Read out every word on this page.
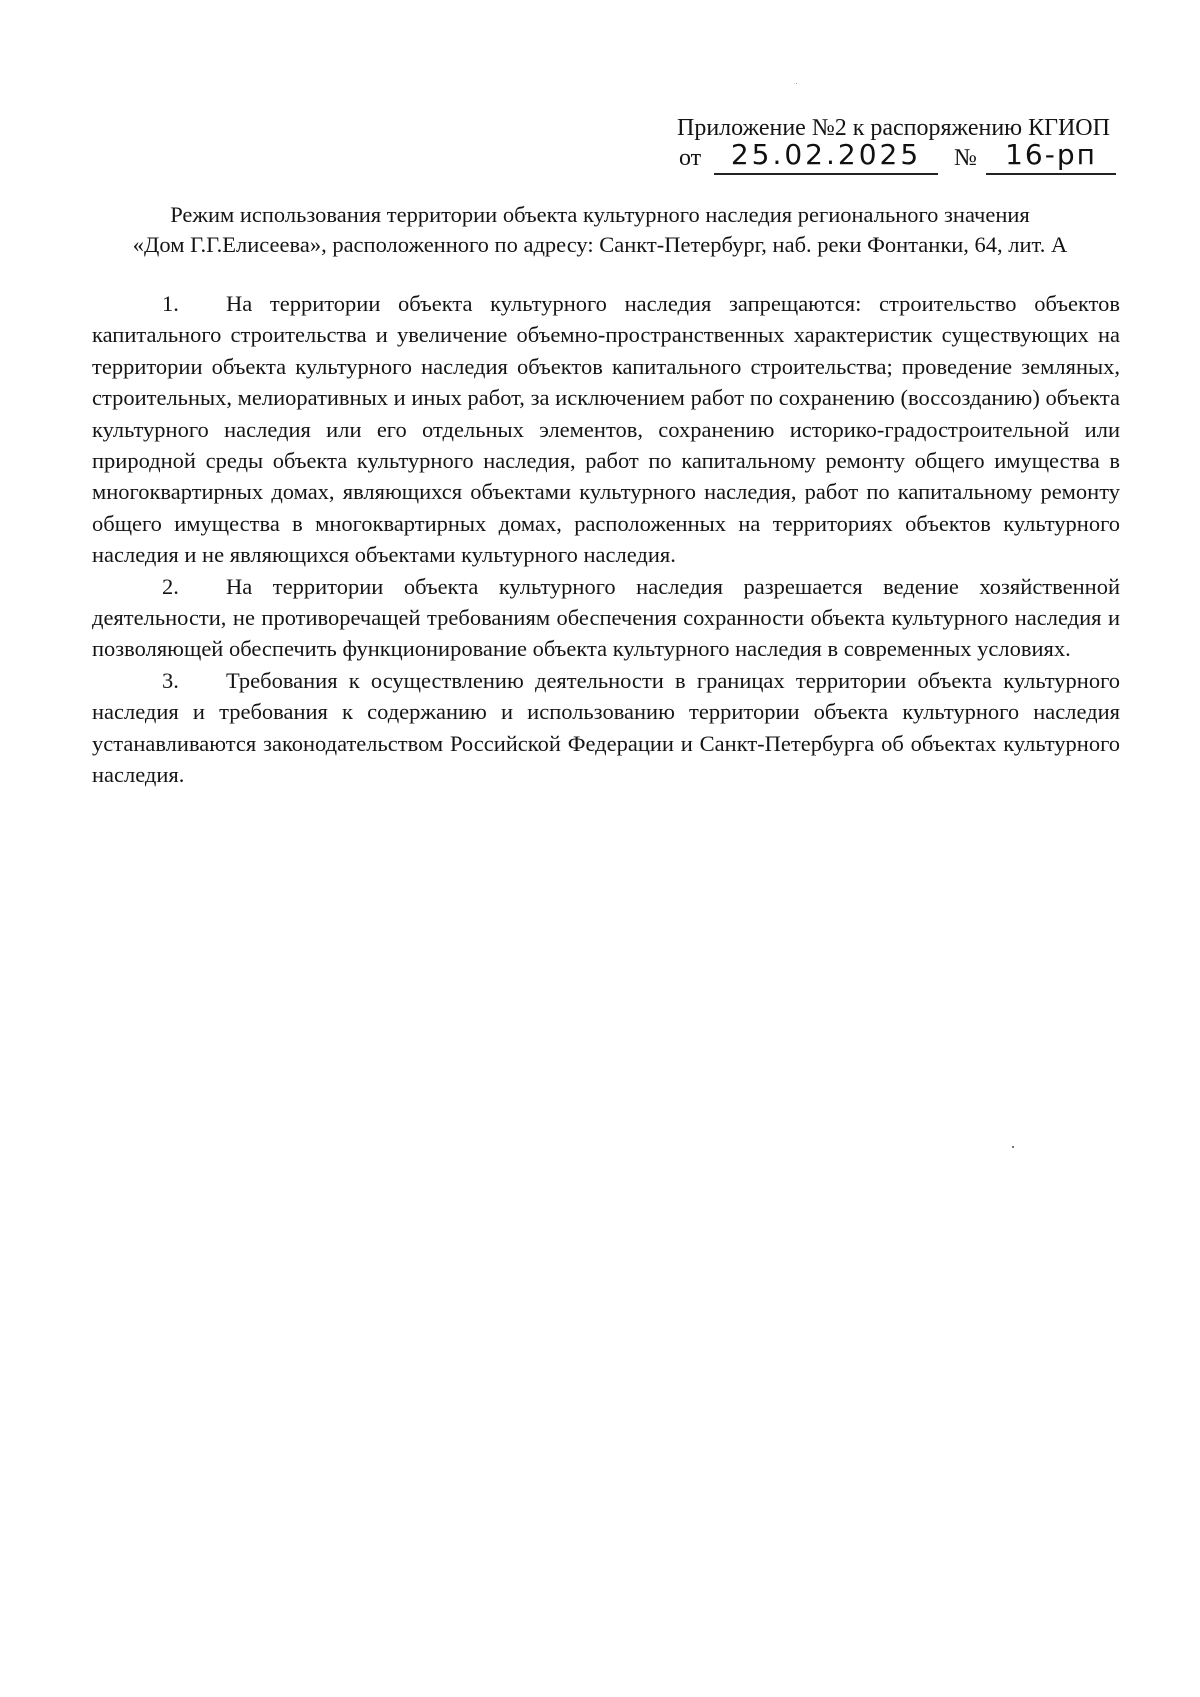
Приложение №2 к распоряжению КГИОП
от	25.02.2025	№	16-рп
Режим использования территории объекта культурного наследия регионального значения
«Дом Г.Г.Елисеева», расположенного по адресу: Санкт-Петербург, наб. реки Фонтанки, 64, лит. А

1. На территории объекта культурного наследия запрещаются: строительство объектов капитального строительства и увеличение объемно-пространственных характеристик существующих на территории объекта культурного наследия объектов капитального строительства; проведение земляных, строительных, мелиоративных и иных работ, за исключением работ по сохранению (воссозданию) объекта культурного наследия или его отдельных элементов, сохранению историко-градостроительной или природной среды объекта культурного наследия, работ по капитальному ремонту общего имущества в многоквартирных домах, являющихся объектами культурного наследия, работ по капитальному ремонту общего имущества в многоквартирных домах, расположенных на территориях объектов культурного наследия и не являющихся объектами культурного наследия.

2. На территории объекта культурного наследия разрешается ведение хозяйственной деятельности, не противоречащей требованиям обеспечения сохранности объекта культурного наследия и позволяющей обеспечить функционирование объекта культурного наследия в современных условиях.

3. Требования к осуществлению деятельности в границах территории объекта культурного наследия и требования к содержанию и использованию территории объекта культурного наследия устанавливаются законодательством Российской Федерации и Санкт-Петербурга об объектах культурного наследия.
